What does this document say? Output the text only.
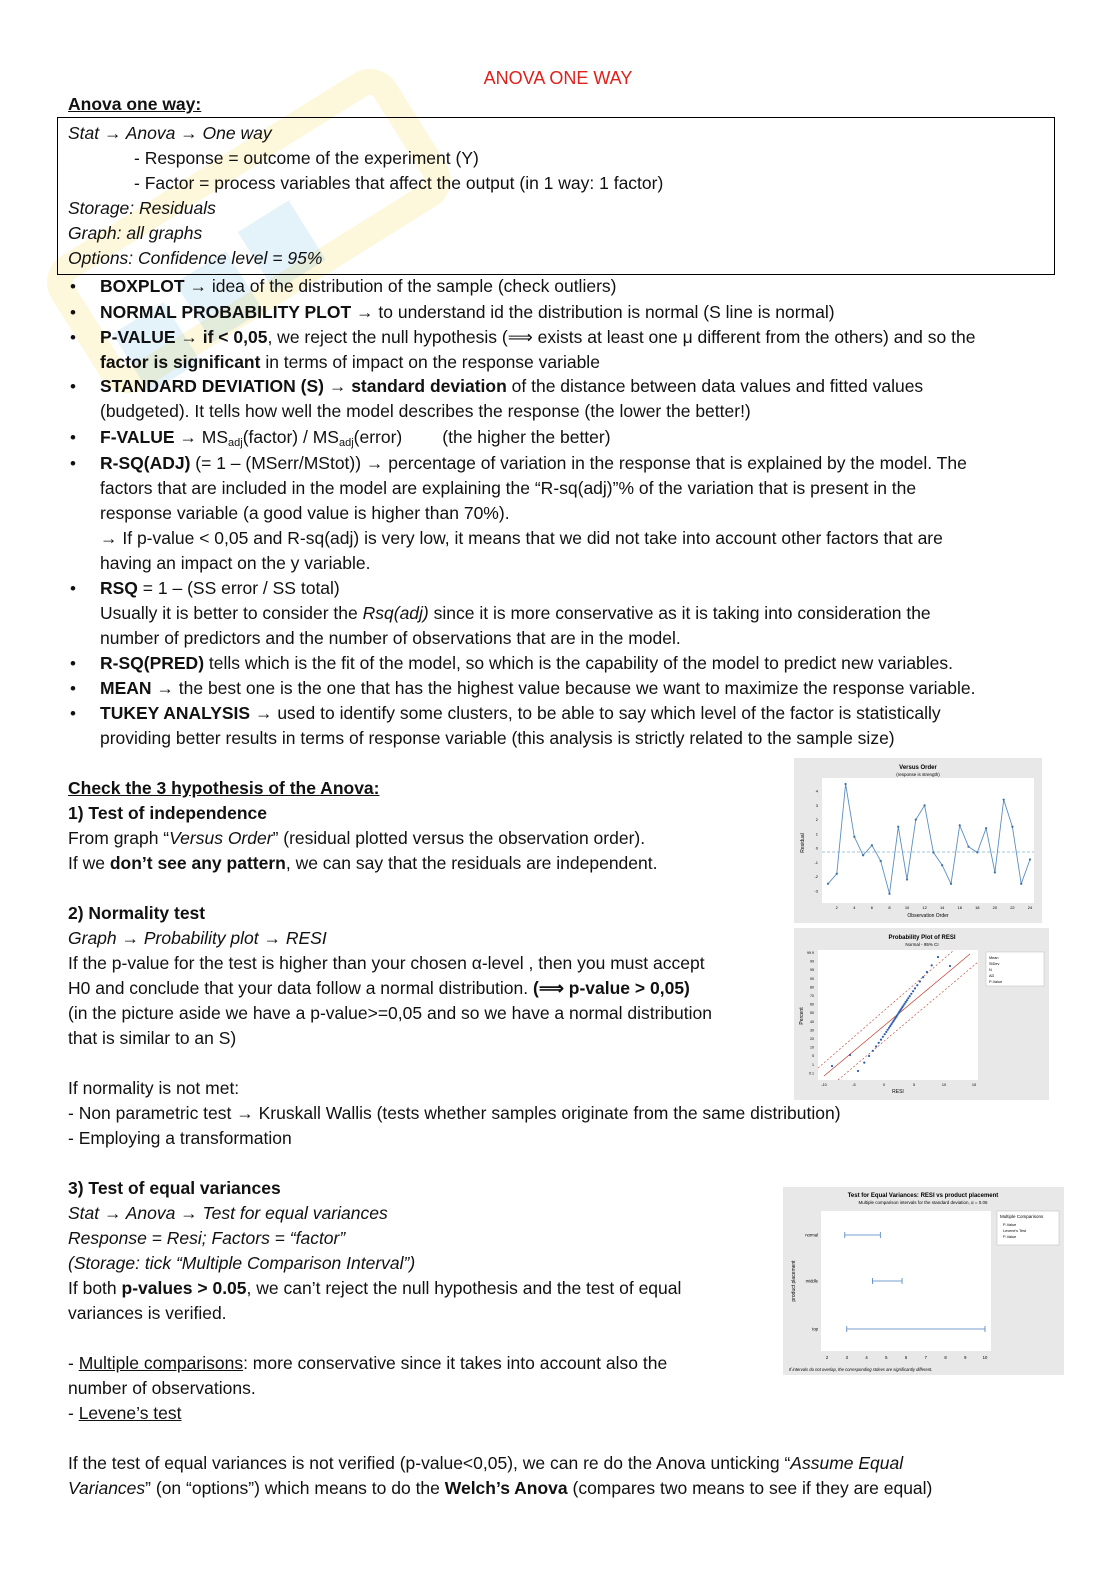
ANOVA ONE WAY
Anova one way:
Stat → Anova → One way
- Response = outcome of the experiment (Y)
- Factor = process variables that affect the output (in 1 way: 1 factor)
Storage: Residuals
Graph: all graphs
Options: Confidence level = 95%
• BOXPLOT → idea of the distribution of the sample (check outliers)
• NORMAL PROBABILITY PLOT → to understand id the distribution is normal (S line is normal)
• P-VALUE → if < 0,05, we reject the null hypothesis (⟹ exists at least one μ different from the others) and so the
factor is significant in terms of impact on the response variable
• STANDARD DEVIATION (S) → standard deviation of the distance between data values and fitted values
(budgeted). It tells how well the model describes the response (the lower the better!)
• F-VALUE → $MS_{adj}(factor)$ / $MS_{adj}(error)$ (the higher the better)
• R-SQ(ADJ) (= 1 – (MSerr/MStot)) → percentage of variation in the response that is explained by the model. The
factors that are included in the model are explaining the “R-sq(adj)”% of the variation that is present in the
response variable (a good value is higher than 70%).
→ If p-value < 0,05 and R-sq(adj) is very low, it means that we did not take into account other factors that are
having an impact on the y variable.
• RSQ = 1 – (SS error / SS total)
Usually it is better to consider the Rsq(adj) since it is more conservative as it is taking into consideration the
number of predictors and the number of observations that are in the model.
• R-SQ(PRED) tells which is the fit of the model, so which is the capability of the model to predict new variables.
• MEAN → the best one is the one that has the highest value because we want to maximize the response variable.
• TUKEY ANALYSIS → used to identify some clusters, to be able to say which level of the factor is statistically
providing better results in terms of response variable (this analysis is strictly related to the sample size)
Check the 3 hypothesis of the Anova:
1) Test of independence
From graph “Versus Order” (residual plotted versus the observation order).
If we don’t see any pattern, we can say that the residuals are independent.
2) Normality test
Graph → Probability plot → RESI
If the p-value for the test is higher than your chosen α-level , then you must accept
H0 and conclude that your data follow a normal distribution. (⟹ p-value > 0,05)
(in the picture aside we have a p-value>=0,05 and so we have a normal distribution
that is similar to an S)
If normality is not met:
- Non parametric test → Kruskall Wallis (tests whether samples originate from the same distribution)
- Employing a transformation
3) Test of equal variances
Stat → Anova → Test for equal variances
Response = Resi; Factors = “factor”
(Storage: tick “Multiple Comparison Interval”)
If both p-values > 0.05, we can’t reject the null hypothesis and the test of equal
variances is verified.
- Multiple comparisons: more conservative since it takes into account also the
number of observations.
- Levene’s test
If the test of equal variances is not verified (p-value<0,05), we can re do the Anova unticking “Assume Equal
Variances” (on “options”) which means to do the Welch’s Anova (compares two means to see if they are equal)
Versus Order
(response is strength)
Residual
Observation Order
4
3
2
1
0
-1
-2
-3
2	4	6	8	10	12	14	16	18	20	22	24
Probability Plot of RESI
Normal - 95% CI
Percent
RESI
99.9
99
95
90
80
70
60
50
40
30
20
10
5
1
0.1
-10	-5	0	5	10	15
Mean
StDev
N
AD
P-Value
Test for Equal Variances: RESI vs product placement
Multiple comparison intervals for the standard deviation, α = 0.05
product placement
normal
middle
top
2	3	4	5	6	7	8	9	10
Multiple Comparisons
P-Value
Levene's Test
P-Value
If intervals do not overlap, the corresponding stdevs are significantly different.
